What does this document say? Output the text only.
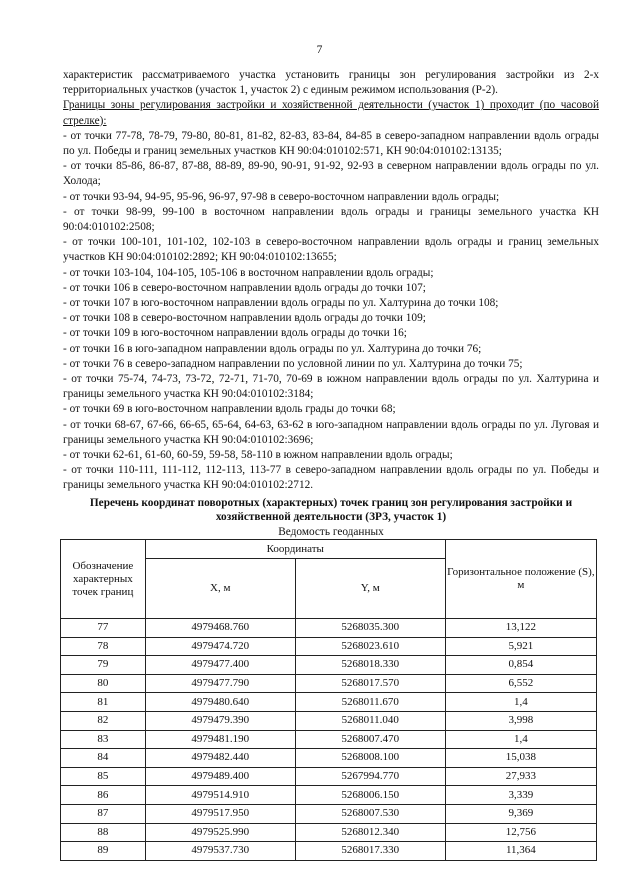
7

характеристик рассматриваемого участка установить границы зон регулирования застройки из 2-х территориальных участков (участок 1, участок 2) с единым режимом использования (Р-2).

Границы зоны регулирования застройки и хозяйственной деятельности (участок 1) проходит (по часовой стрелке):

- от точки 77-78, 78-79, 79-80, 80-81, 81-82, 82-83, 83-84, 84-85 в северо-западном направлении вдоль ограды по ул. Победы и границ земельных участков КН 90:04:010102:571, КН 90:04:010102:13135;

- от точки 85-86, 86-87, 87-88, 88-89, 89-90, 90-91, 91-92, 92-93 в северном направлении вдоль ограды по ул. Холода;

- от точки 93-94, 94-95, 95-96, 96-97, 97-98 в северо-восточном направлении вдоль ограды;

- от точки 98-99, 99-100 в восточном направлении вдоль ограды и границы земельного участка КН 90:04:010102:2508;

- от точки 100-101, 101-102, 102-103 в северо-восточном направлении вдоль ограды и границ земельных участков КН 90:04:010102:2892; КН 90:04:010102:13655;

- от точки 103-104, 104-105, 105-106 в восточном направлении вдоль ограды;

- от точки 106 в северо-восточном направлении вдоль ограды до точки 107;

- от точки 107 в юго-восточном направлении вдоль ограды по ул. Халтурина до точки 108;

- от точки 108 в северо-восточном направлении вдоль ограды до точки 109;

- от точки 109 в юго-восточном направлении вдоль ограды до точки 16;

- от точки 16 в юго-западном направлении вдоль ограды по ул. Халтурина до точки 76;

- от точки 76 в северо-западном направлении по условной линии по ул. Халтурина до точки 75;

- от точки 75-74, 74-73, 73-72, 72-71, 71-70, 70-69 в южном направлении вдоль ограды по ул. Халтурина и границы земельного участка КН 90:04:010102:3184;

- от точки 69 в юго-восточном направлении вдоль грады до точки 68;

- от точки 68-67, 67-66, 66-65, 65-64, 64-63, 63-62 в юго-западном направлении вдоль ограды по ул. Луговая и границы земельного участка КН 90:04:010102:3696;

- от точки 62-61, 61-60, 60-59, 59-58, 58-110 в южном направлении вдоль ограды;

- от точки 110-111, 111-112, 112-113, 113-77 в северо-западном направлении вдоль ограды по ул. Победы и границы земельного участка КН 90:04:010102:2712.

Перечень координат поворотных (характерных) точек границ зон регулирования застройки и хозяйственной деятельности (ЗРЗ, участок 1)
Ведомость геоданных
Обозначение характерных точек границ	Координаты		Горизонтальное положение (S), м
	X, м	Y, м	
77	4979468.760	5268035.300	13,122
78	4979474.720	5268023.610	5,921
79	4979477.400	5268018.330	0,854
80	4979477.790	5268017.570	6,552
81	4979480.640	5268011.670	1,4
82	4979479.390	5268011.040	3,998
83	4979481.190	5268007.470	1,4
84	4979482.440	5268008.100	15,038
85	4979489.400	5267994.770	27,933
86	4979514.910	5268006.150	3,339
87	4979517.950	5268007.530	9,369
88	4979525.990	5268012.340	12,756
89	4979537.730	5268017.330	11,364
